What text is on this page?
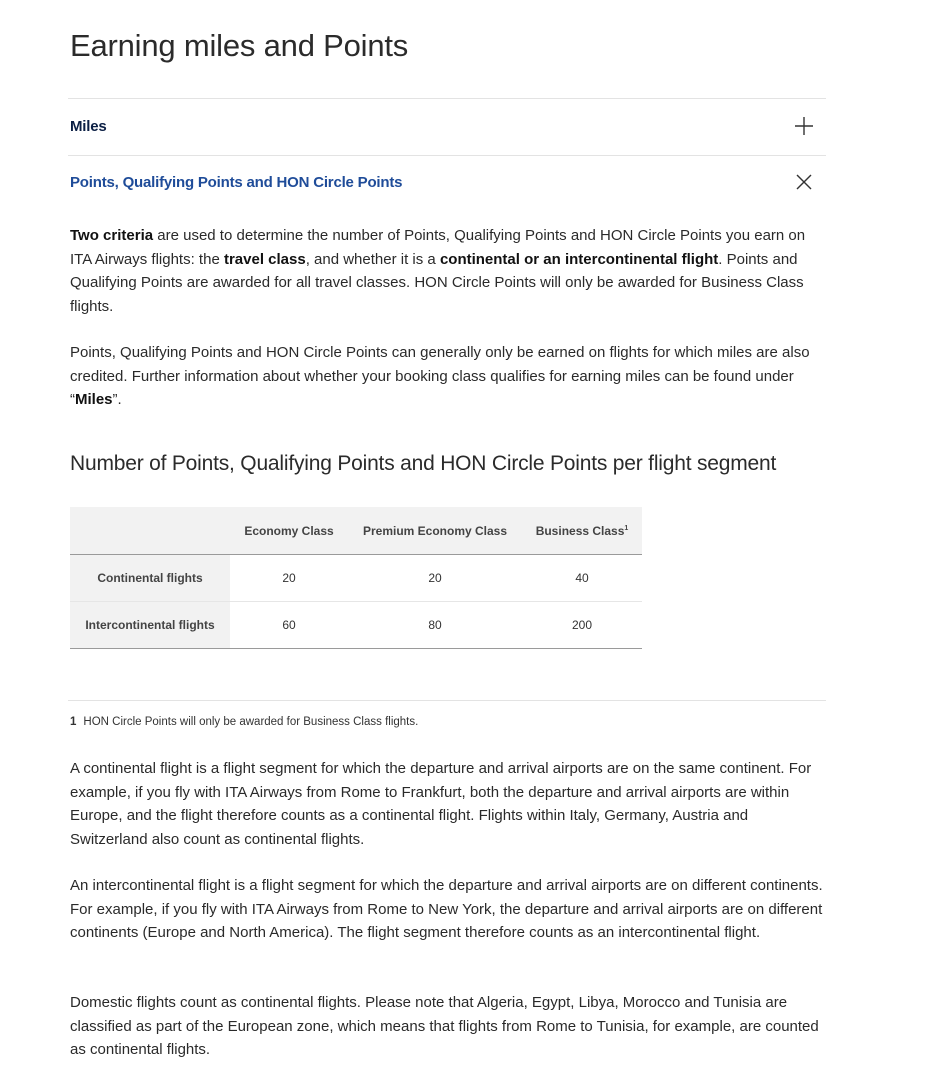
Earning miles and Points
Miles
Points, Qualifying Points and HON Circle Points

Two criteria are used to determine the number of Points, Qualifying Points and HON Circle Points you earn on ITA Airways flights: the travel class, and whether it is a continental or an intercontinental flight. Points and Qualifying Points are awarded for all travel classes. HON Circle Points will only be awarded for Business Class flights.

Points, Qualifying Points and HON Circle Points can generally only be earned on flights for which miles are also credited. Further information about whether your booking class qualifies for earning miles can be found under “Miles”.

Number of Points, Qualifying Points and HON Circle Points per flight segment
	Economy Class	Premium Economy Class	Business Class$^1$
Continental flights	20	20	40
Intercontinental flights	60	80	200
1 HON Circle Points will only be awarded for Business Class flights.

A continental flight is a flight segment for which the departure and arrival airports are on the same continent. For example, if you fly with ITA Airways from Rome to Frankfurt, both the departure and arrival airports are within Europe, and the flight therefore counts as a continental flight. Flights within Italy, Germany, Austria and Switzerland also count as continental flights.

An intercontinental flight is a flight segment for which the departure and arrival airports are on different continents. For example, if you fly with ITA Airways from Rome to New York, the departure and arrival airports are on different continents (Europe and North America). The flight segment therefore counts as an intercontinental flight.

Domestic flights count as continental flights. Please note that Algeria, Egypt, Libya, Morocco and Tunisia are classified as part of the European zone, which means that flights from Rome to Tunisia, for example, are counted as continental flights.
